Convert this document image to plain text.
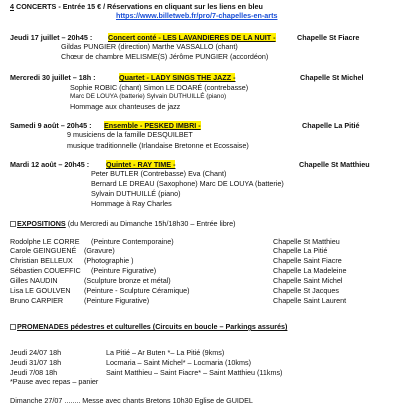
4 CONCERTS - Entrée 15 € / Réservations en cliquant sur les liens en bleu
https://www.billetweb.fr/pro/7-chapelles-en-arts
Jeudi 17 juillet – 20h45 : Concert conté - LES LAVANDIERES DE LA NUIT -	Chapelle St Fiacre
Gildas PUNGIER (direction) Marthe VASSALLO (chant)
Chœur de chambre MELISME(S) Jérôme PUNGIER (accordéon)
Mercredi 30 juillet – 18h :	Quartet - LADY SINGS THE JAZZ -	Chapelle St Michel
Sophie ROBIC (chant) Simon LE DOARÉ (contrebasse)
Marc DE LOUYA (batterie) Sylvain DUTHUILLÉ (piano)
Hommage aux chanteuses de jazz
Samedi 9 août – 20h45 : Ensemble - PESKED IMBRI -	Chapelle La Pitié
9 musiciens de la famille DESQUILBET
musique traditionnelle (Irlandaise Bretonne et Ecossaise)
Mardi 12 août – 20h45 : Quintet - RAY TIME -	Chapelle St Matthieu
Peter BUTLER (Contrebasse) Eva (Chant)
Bernard LE DREAU (Saxophone) Marc DE LOUYA (batterie)
Sylvain DUTHUILLÉ (piano)
Hommage à Ray Charles
EXPOSITIONS (du Mercredi au Dimanche 15h/18h30 – Entrée libre)
Rodolphe LE CORRE (Peinture Contemporaine)	Chapelle St Matthieu
Carole GEINGUENÉ (Gravure)	Chapelle La Pitié
Christian BELLEUX (Photographie )	Chapelle Saint Fiacre
Sébastien COUEFFIC (Peinture Figurative)	Chapelle La Madeleine
Gilles NAUDIN	(Sculpture bronze et métal)	Chapelle Saint Michel
Lisa LE GOULVEN (Peinture - Sculpture Céramique)	Chapelle St Jacques
Bruno CARPIER	(Peinture Figurative)	Chapelle Saint Laurent
PROMENADES pédestres et culturelles (Circuits en boucle – Parkings assurés)
Jeudi 24/07 18h	La Pitié – Ar Buten *– La Pitié (9kms)
Jeudi 31/07 18h	Locmaria – Saint Michel* – Locmaria (10kms)
Jeudi 7/08 18h	Saint Matthieu – Saint Fiacre* – Saint Matthieu (11kms)
*Pause avec repas – panier
Dimanche 27/07 ........ Messe avec chants Bretons 10h30 Eglise de GUIDEL
